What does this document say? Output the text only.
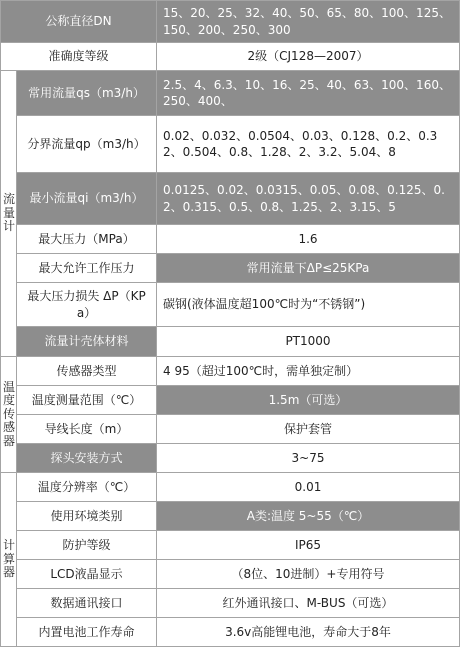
公称直径DN		15、20、25、32、40、50、65、80、100、125、150、200、250、300
准确度等级		2级（CJ128—2007）
流量计	常用流量qs（m3/h）	2.5、4、6.3、10、16、25、40、63、100、160、250、400、
	分界流量qp（m3/h）	0.02、0.032、0.0504、0.03、0.128、0.2、0.32、0.504、0.8、1.28、2、3.2、5.04、8
	最小流量qi（m3/h）	0.0125、0.02、0.0315、0.05、0.08、0.125、0.2、0.315、0.5、0.8、1.25、2、3.15、5
	最大压力（MPa）	1.6
	最大允许工作压力	常用流量下ΔP≤25KPa
	最大压力损失 ΔP（KPa）	碳钢(液体温度超100℃时为“不锈钢”)
	流量计壳体材料	PT1000
温度传感器	传感器类型	4 95（超过100℃时，需单独定制）
	温度测量范围（℃）	1.5m（可选）
	导线长度（m）	保护套管
	探头安装方式	3~75
计算器	温度分辨率（℃）	0.01
	使用环境类别	A类:温度 5~55（℃）
	防护等级	IP65
	LCD液晶显示	（8位、10进制）+专用符号
	数据通讯接口	红外通讯接口、M-BUS（可选）
	内置电池工作寿命	3.6v高能锂电池，寿命大于8年
